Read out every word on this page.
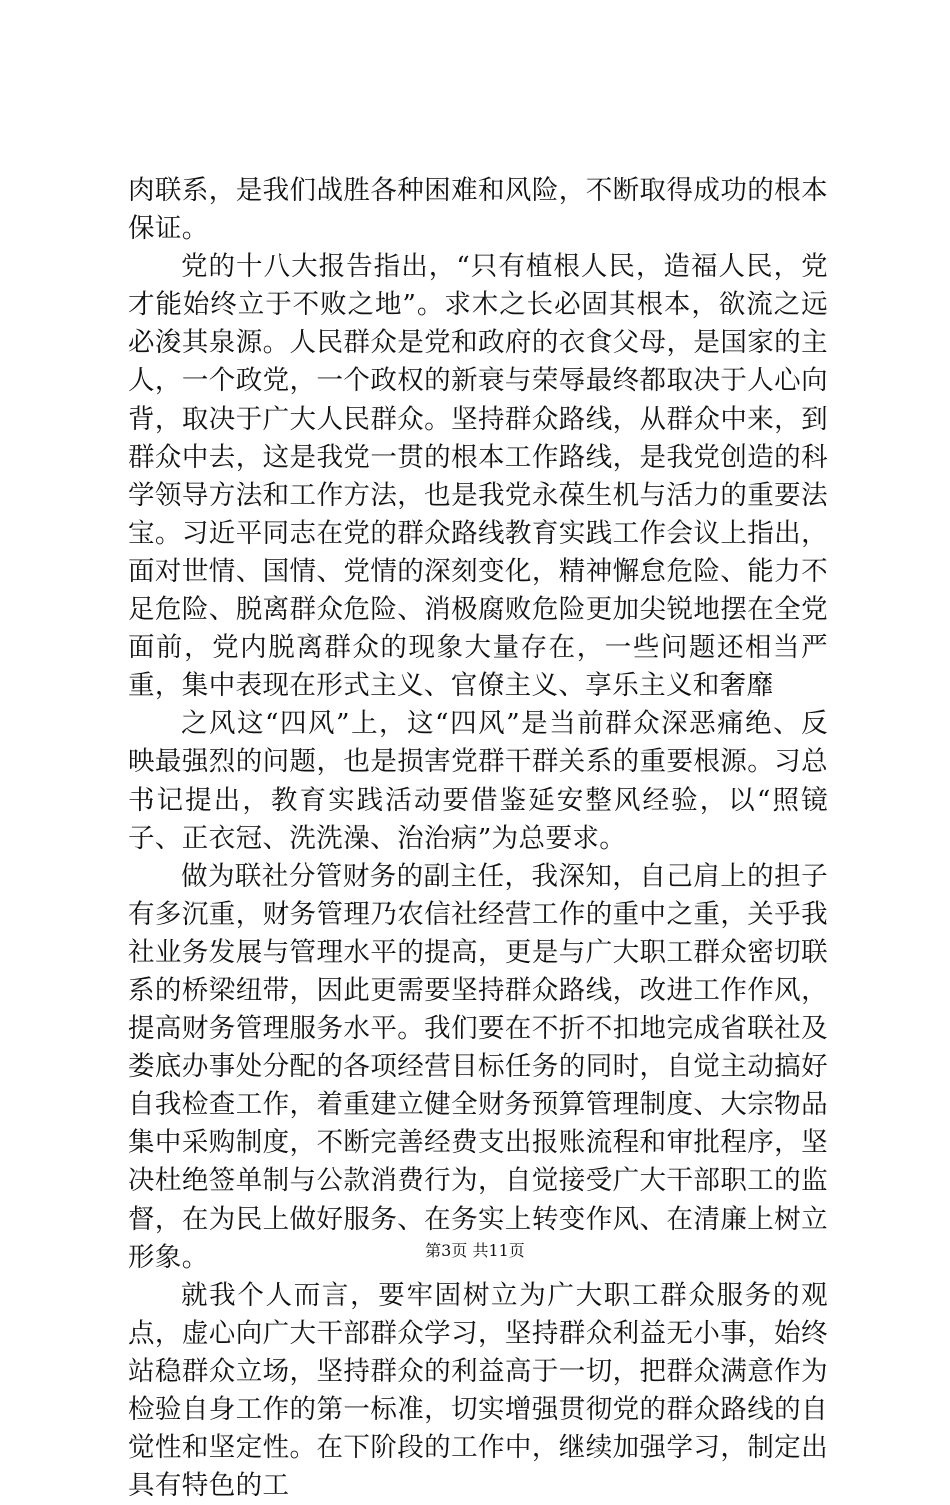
肉联系，是我们战胜各种困难和风险，不断取得成功的根本保证。

党的十八大报告指出，“只有植根人民，造福人民，党才能始终立于不败之地”。求木之长必固其根本，欲流之远必浚其泉源。人民群众是党和政府的衣食父母，是国家的主人，一个政党，一个政权的新衰与荣辱最终都取决于人心向背，取决于广大人民群众。坚持群众路线，从群众中来，到群众中去，这是我党一贯的根本工作路线，是我党创造的科学领导方法和工作方法，也是我党永葆生机与活力的重要法宝。习近平同志在党的群众路线教育实践工作会议上指出，面对世情、国情、党情的深刻变化，精神懈怠危险、能力不足危险、脱离群众危险、消极腐败危险更加尖锐地摆在全党面前，党内脱离群众的现象大量存在，一些问题还相当严重，集中表现在形式主义、官僚主义、享乐主义和奢靡

之风这“四风”上，这“四风”是当前群众深恶痛绝、反映最强烈的问题，也是损害党群干群关系的重要根源。习总书记提出，教育实践活动要借鉴延安整风经验，以“照镜子、正衣冠、洗洗澡、治治病”为总要求。

做为联社分管财务的副主任，我深知，自己肩上的担子有多沉重，财务管理乃农信社经营工作的重中之重，关乎我社业务发展与管理水平的提高，更是与广大职工群众密切联系的桥梁纽带，因此更需要坚持群众路线，改进工作作风，提高财务管理服务水平。我们要在不折不扣地完成省联社及娄底办事处分配的各项经营目标任务的同时，自觉主动搞好自我检查工作，着重建立健全财务预算管理制度、大宗物品集中采购制度，不断完善经费支出报账流程和审批程序，坚决杜绝签单制与公款消费行为，自觉接受广大干部职工的监督，在为民上做好服务、在务实上转变作风、在清廉上树立形象。

就我个人而言，要牢固树立为广大职工群众服务的观点，虚心向广大干部群众学习，坚持群众利益无小事，始终站稳群众立场，坚持群众的利益高于一切，把群众满意作为检验自身工作的第一标准，切实增强贯彻党的群众路线的自觉性和坚定性。在下阶段的工作中，继续加强学习，制定出具有特色的工

第3页 共11页
